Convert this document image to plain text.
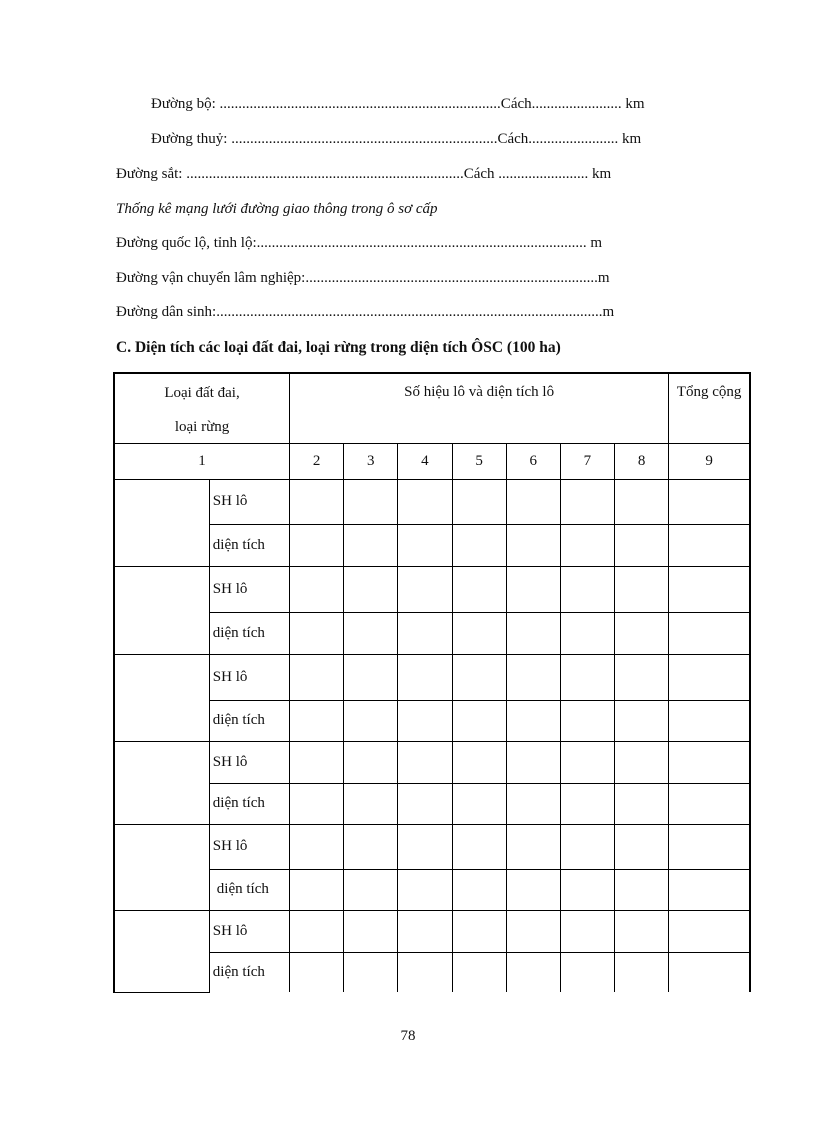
Đường bộ: ...........................................................................Cách........................ km
Đường thuỷ: .......................................................................Cách........................ km
Đường sắt: ..........................................................................Cách ........................ km
Thống kê mạng lưới đường giao thông trong ô sơ cấp
Đường quốc lộ, tỉnh lộ:........................................................................................ m
Đường vận chuyển lâm nghiệp:..............................................................................m
Đường dân sinh:.......................................................................................................m
C. Diện tích các loại đất đai, loại rừng trong diện tích ÔSC (100 ha)
Loại đất đai,
loại rừng		Số hiệu lô và diện tích lô							Tổng cộng
1		2	3	4	5	6	7	8	9
	SH lô								
	diện tích								
	SH lô								
	diện tích								
	SH lô								
	diện tích								
	SH lô								
	diện tích								
	SH lô								
	diện tích								
	SH lô								
	diện tích								
78
